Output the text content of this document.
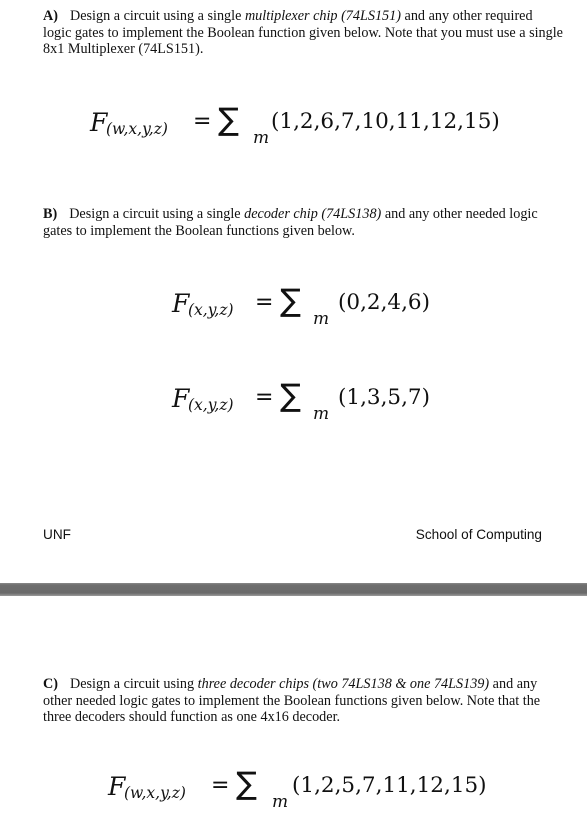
A) Design a circuit using a single multiplexer chip (74LS151) and any other required logic gates to implement the Boolean function given below. Note that you must use a single 8x1 Multiplexer (74LS151).
F
(w,x,y,z) = ∑ m
(1,2,6,7,10,11,12,15)
B) Design a circuit using a single decoder chip (74LS138) and any other needed logic gates to implement the Boolean functions given below.
F
(x,y,z) = ∑ m
(0,2,4,6)
F
(x,y,z) = ∑ m
(1,3,5,7)
UNF	School of Computing
C) Design a circuit using three decoder chips (two 74LS138 & one 74LS139) and any other needed logic gates to implement the Boolean functions given below. Note that the three decoders should function as one 4x16 decoder.
F
(w,x,y,z) = ∑ m
(1,2,5,7,11,12,15)
